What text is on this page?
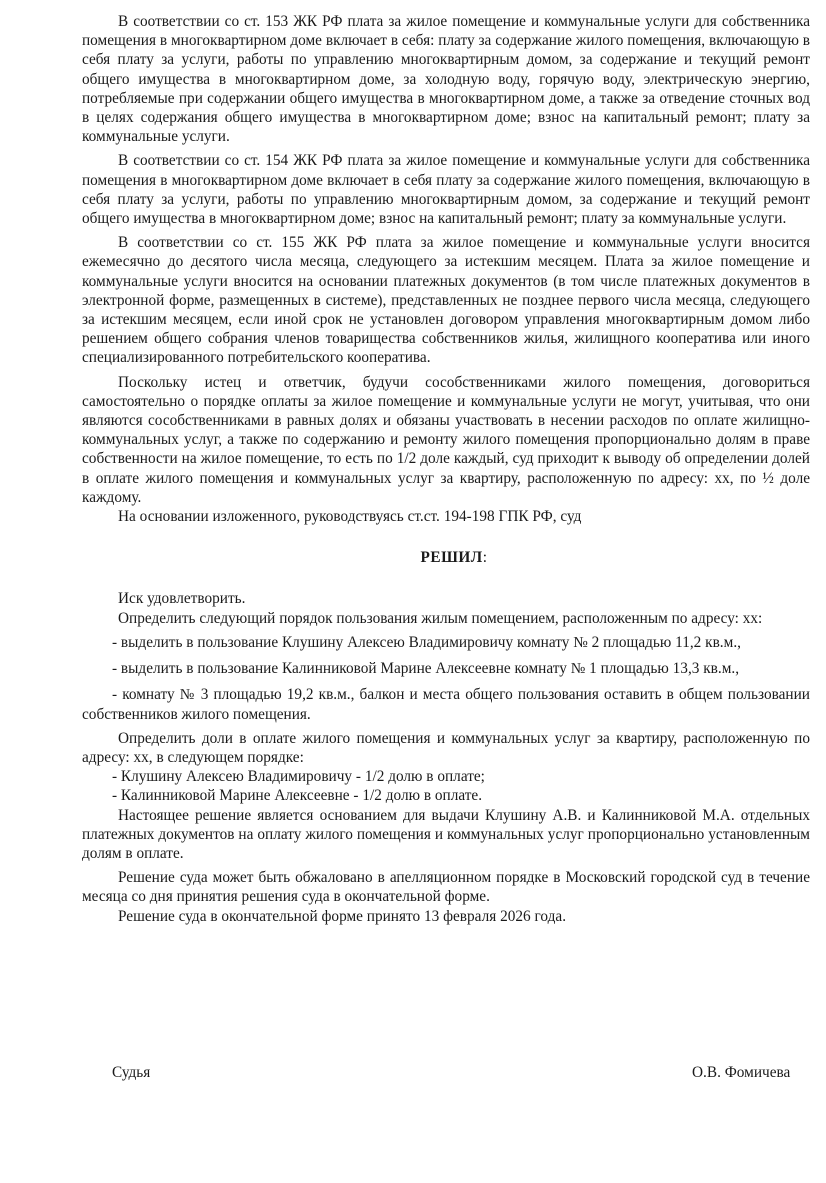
В соответствии со ст. 153 ЖК РФ плата за жилое помещение и коммунальные услуги для собственника помещения в многоквартирном доме включает в себя: плату за содержание жилого помещения, включающую в себя плату за услуги, работы по управлению многоквартирным домом, за содержание и текущий ремонт общего имущества в многоквартирном доме, за холодную воду, горячую воду, электрическую энергию, потребляемые при содержании общего имущества в многоквартирном доме, а также за отведение сточных вод в целях содержания общего имущества в многоквартирном доме; взнос на капитальный ремонт; плату за коммунальные услуги.

В соответствии со ст. 154 ЖК РФ плата за жилое помещение и коммунальные услуги для собственника помещения в многоквартирном доме включает в себя плату за содержание жилого помещения, включающую в себя плату за услуги, работы по управлению многоквартирным домом, за содержание и текущий ремонт общего имущества в многоквартирном доме; взнос на капитальный ремонт; плату за коммунальные услуги.

В соответствии со ст. 155 ЖК РФ плата за жилое помещение и коммунальные услуги вносится ежемесячно до десятого числа месяца, следующего за истекшим месяцем. Плата за жилое помещение и коммунальные услуги вносится на основании платежных документов (в том числе платежных документов в электронной форме, размещенных в системе), представленных не позднее первого числа месяца, следующего за истекшим месяцем, если иной срок не установлен договором управления многоквартирным домом либо решением общего собрания членов товарищества собственников жилья, жилищного кооператива или иного специализированного потребительского кооператива.

Поскольку истец и ответчик, будучи сособственниками жилого помещения, договориться самостоятельно о порядке оплаты за жилое помещение и коммунальные услуги не могут, учитывая, что они являются сособственниками в равных долях и обязаны участвовать в несении расходов по оплате жилищно-коммунальных услуг, а также по содержанию и ремонту жилого помещения пропорционально долям в праве собственности на жилое помещение, то есть по 1/2 доле каждый, суд приходит к выводу об определении долей в оплате жилого помещения и коммунальных услуг за квартиру, расположенную по адресу: хх, по ½ доле каждому.

На основании изложенного, руководствуясь ст.ст. 194-198 ГПК РФ, суд

РЕШИЛ:

Иск удовлетворить.

Определить следующий порядок пользования жилым помещением, расположенным по адресу: хх:

- выделить в пользование Клушину Алексею Владимировичу комнату № 2 площадью 11,2 кв.м.,

- выделить в пользование Калинниковой Марине Алексеевне комнату № 1 площадью 13,3 кв.м.,

- комнату № 3 площадью 19,2 кв.м., балкон и места общего пользования оставить в общем пользовании собственников жилого помещения.

Определить доли в оплате жилого помещения и коммунальных услуг за квартиру, расположенную по адресу: хх, в следующем порядке:

- Клушину Алексею Владимировичу - 1/2 долю в оплате;

- Калинниковой Марине Алексеевне - 1/2 долю в оплате.

Настоящее решение является основанием для выдачи Клушину А.В. и Калинниковой М.А. отдельных платежных документов на оплату жилого помещения и коммунальных услуг пропорционально установленным долям в оплате.

Решение суда может быть обжаловано в апелляционном порядке в Московский городской суд в течение месяца со дня принятия решения суда в окончательной форме.

Решение суда в окончательной форме принято 13 февраля 2026 года.

Судья	О.В. Фомичева
